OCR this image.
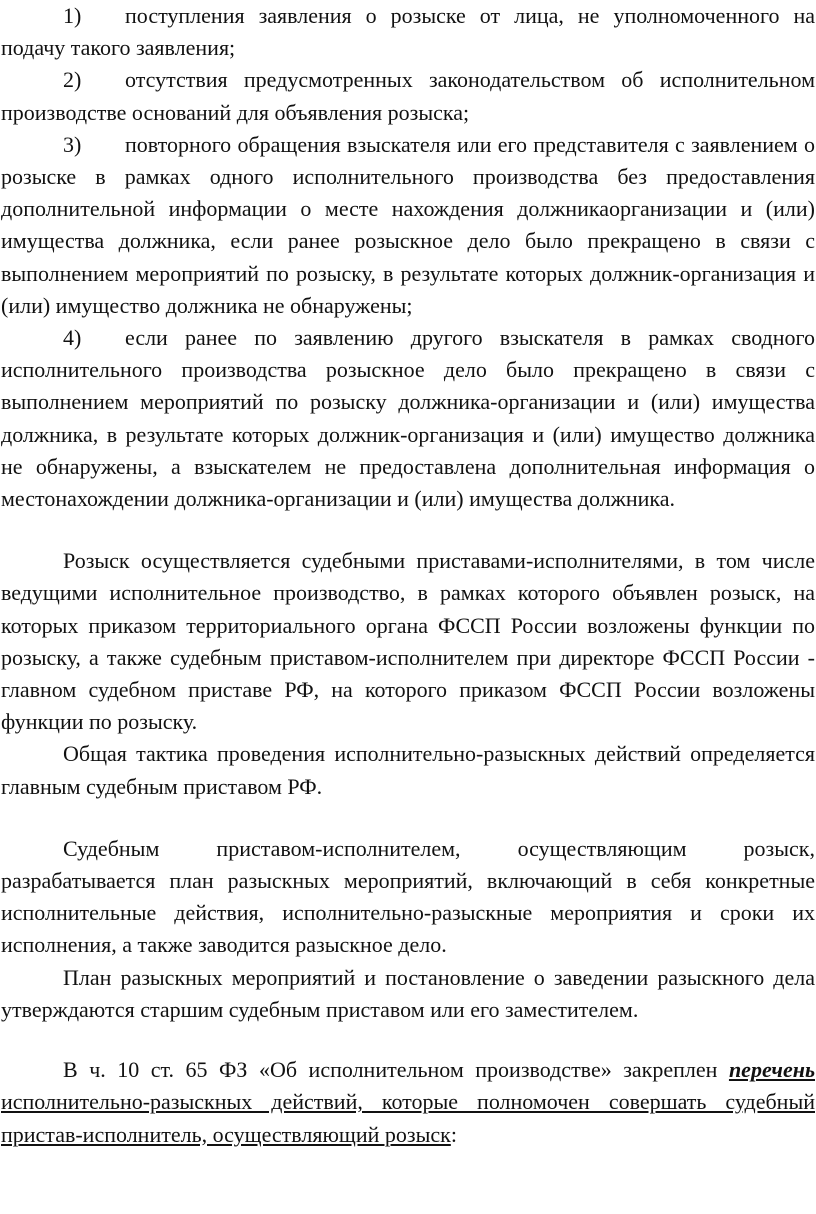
1) поступления заявления о розыске от лица, не уполномоченного на подачу такого заявления;
2) отсутствия предусмотренных законодательством об исполнительном производстве оснований для объявления розыска;
3) повторного обращения взыскателя или его представителя с заявлением о розыске в рамках одного исполнительного производства без предоставления дополнительной информации о месте нахождения должникаорганизации и (или) имущества должника, если ранее розыскное дело было прекращено в связи с выполнением мероприятий по розыску, в результате которых должник-организация и (или) имущество должника не обнаружены;
4) если ранее по заявлению другого взыскателя в рамках сводного исполнительного производства розыскное дело было прекращено в связи с выполнением мероприятий по розыску должника-организации и (или) имущества должника, в результате которых должник-организация и (или) имущество должника не обнаружены, а взыскателем не предоставлена дополнительная информация о местонахождении должника-организации и (или) имущества должника.

Розыск осуществляется судебными приставами-исполнителями, в том числе ведущими исполнительное производство, в рамках которого объявлен розыск, на которых приказом территориального органа ФССП России возложены функции по розыску, а также судебным приставом-исполнителем при директоре ФССП России - главном судебном приставе РФ, на которого приказом ФССП России возложены функции по розыску.

Общая тактика проведения исполнительно-разыскных действий определяется главным судебным приставом РФ.

Судебным приставом-исполнителем, осуществляющим розыск, разрабатывается план разыскных мероприятий, включающий в себя конкретные исполнительные действия, исполнительно-разыскные мероприятия и сроки их исполнения, а также заводится разыскное дело.

План разыскных мероприятий и постановление о заведении разыскного дела утверждаются старшим судебным приставом или его заместителем.

В ч. 10 ст. 65 ФЗ «Об исполнительном производстве» закреплен перечень исполнительно-разыскных действий, которые полномочен совершать судебный пристав-исполнитель, осуществляющий розыск:
